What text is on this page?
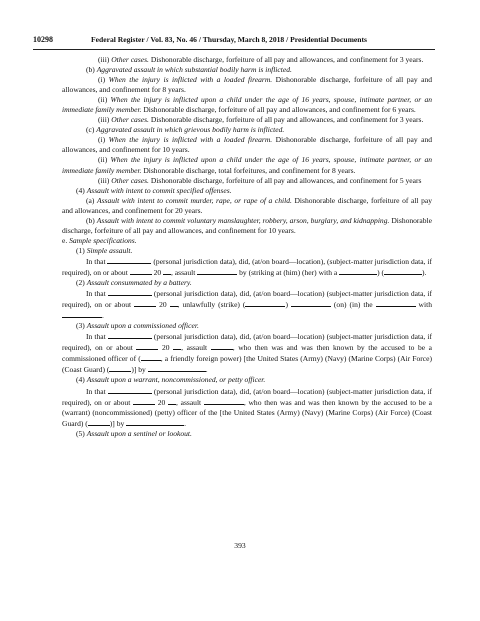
10298	Federal Register / Vol. 83, No. 46 / Thursday, March 8, 2018 / Presidential Documents

(iii) Other cases. Dishonorable discharge, forfeiture of all pay and allowances, and confinement for 3 years.

(b) Aggravated assault in which substantial bodily harm is inflicted.

(i) When the injury is inflicted with a loaded firearm. Dishonorable discharge, forfeiture of all pay and allowances, and confinement for 8 years.

(ii) When the injury is inflicted upon a child under the age of 16 years, spouse, intimate partner, or an immediate family member. Dishonorable discharge, forfeiture of all pay and allowances, and confinement for 6 years.

(iii) Other cases. Dishonorable discharge, forfeiture of all pay and allowances, and confinement for 3 years.

(c) Aggravated assault in which grievous bodily harm is inflicted.

(i) When the injury is inflicted with a loaded firearm. Dishonorable discharge, forfeiture of all pay and allowances, and confinement for 10 years.

(ii) When the injury is inflicted upon a child under the age of 16 years, spouse, intimate partner, or an immediate family member. Dishonorable discharge, total forfeitures, and confinement for 8 years.

(iii) Other cases. Dishonorable discharge, forfeiture of all pay and allowances, and confinement for 5 years

(4) Assault with intent to commit specified offenses.

(a) Assault with intent to commit murder, rape, or rape of a child. Dishonorable discharge, forfeiture of all pay and allowances, and confinement for 20 years.

(b) Assault with intent to commit voluntary manslaughter, robbery, arson, burglary, and kidnapping. Dishonorable discharge, forfeiture of all pay and allowances, and confinement for 10 years.

e. Sample specifications.

(1) Simple assault.

In that	(personal jurisdiction data), did, (at/on board—location), (subject-matter jurisdiction data, if required), on or about	20 , assault	by (striking at (him) (her) with a	) (	).

(2) Assault consummated by a battery.

In that	(personal jurisdiction data), did, (at/on board—location) (subject-matter jurisdiction data, if required), on or about	20 , unlawfully (strike) (	)	(on) (in) the	with .

(3) Assault upon a commissioned officer.

In that	(personal jurisdiction data), did, (at/on board—location) (subject-matter jurisdiction data, if required), on or about	20 , assault	, who then was and was then known by the accused to be a commissioned officer of (	, a friendly foreign power) [the United States (Army) (Navy) (Marine Corps) (Air Force) (Coast Guard) (	)] by	.

(4) Assault upon a warrant, noncommissioned, or petty officer.

In that	(personal jurisdiction data), did, (at/on board—location) (subject-matter jurisdiction data, if required), on or about	20 , assault	, who then was and was then known by the accused to be a (warrant) (noncommissioned) (petty) officer of the [the United States (Army) (Navy) (Marine Corps) (Air Force) (Coast Guard) (	)] by	.

(5) Assault upon a sentinel or lookout.

393
